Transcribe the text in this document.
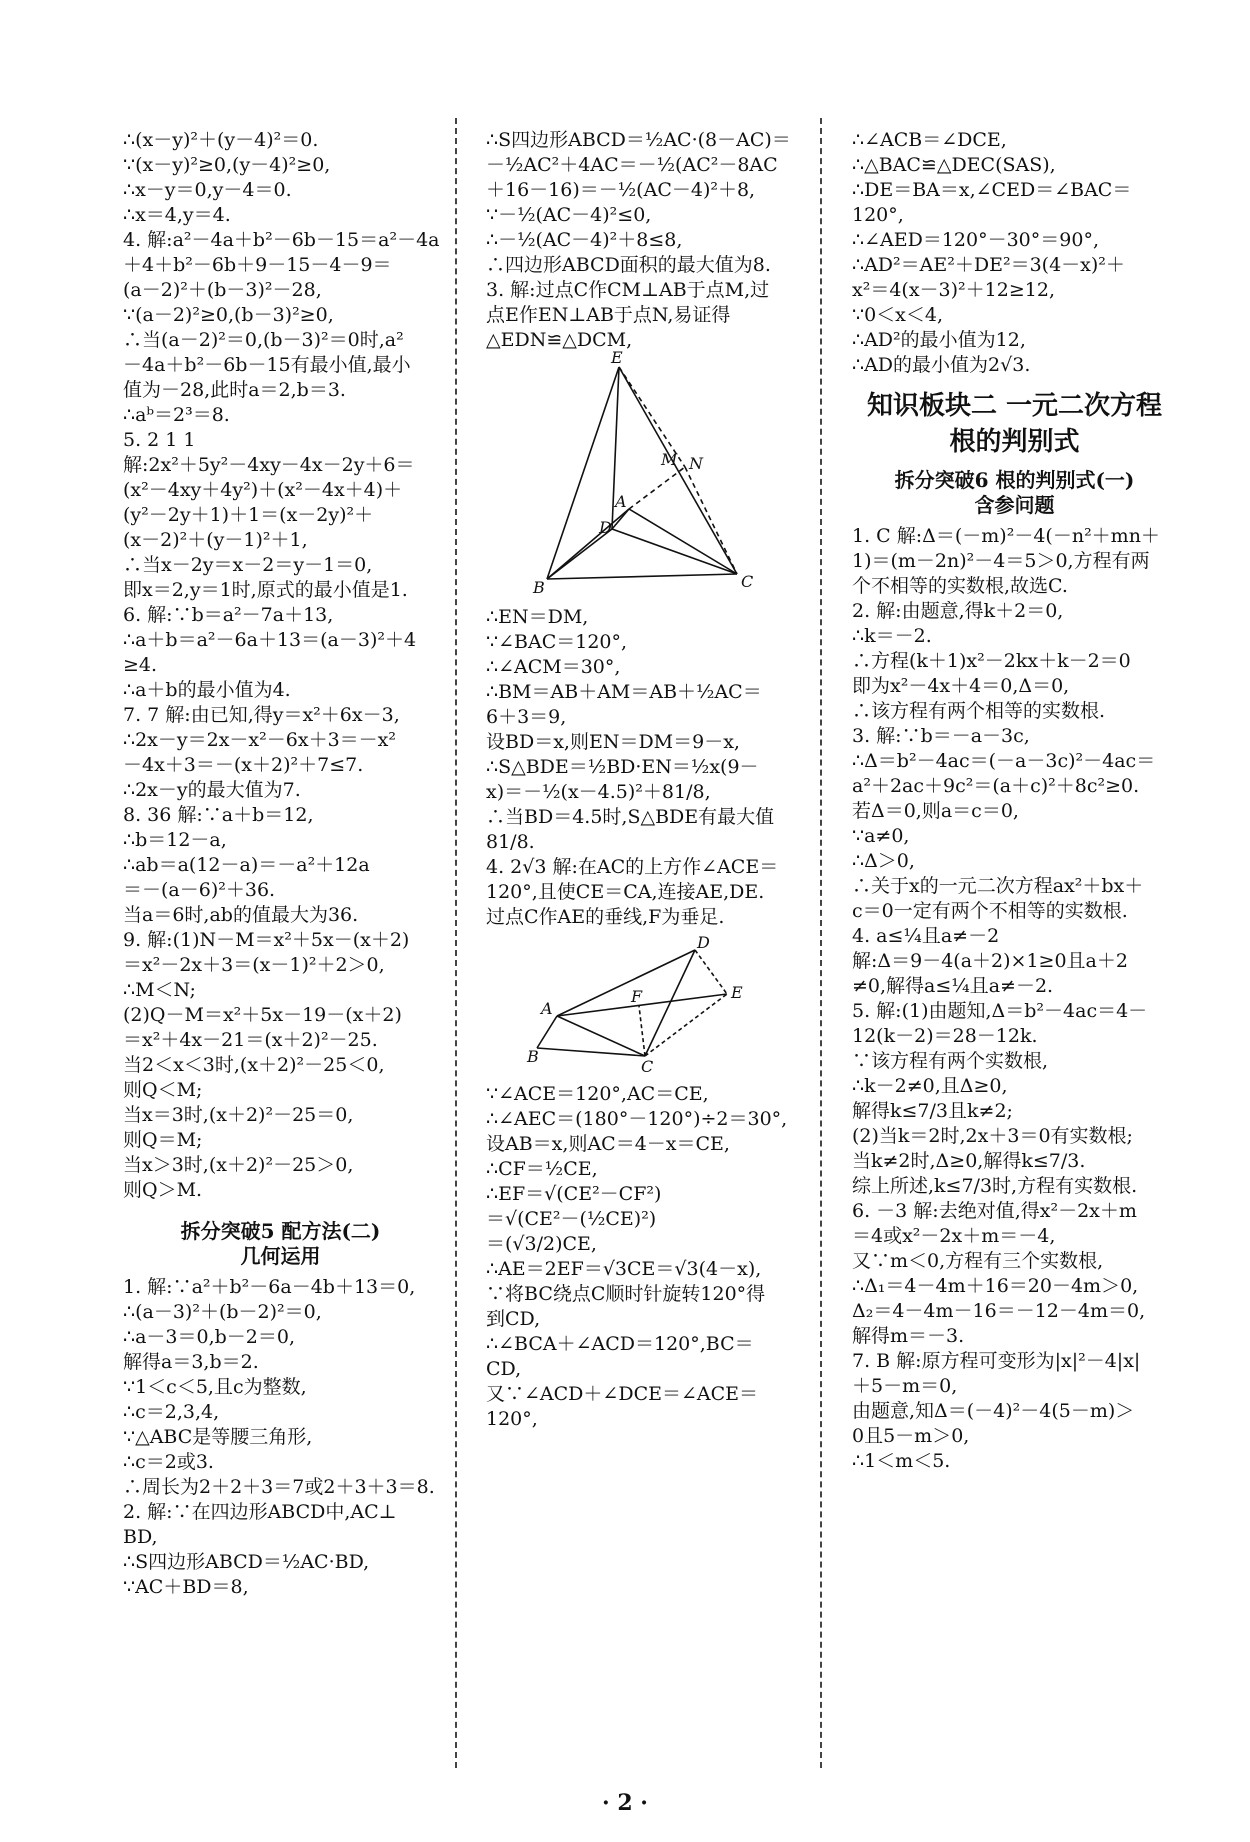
∴(x－y)²＋(y－4)²＝0.
∵(x－y)²≥0,(y－4)²≥0,
∴x－y＝0,y－4＝0.
∴x＝4,y＝4.
4. 解:a²－4a＋b²－6b－15＝a²－4a
＋4＋b²－6b＋9－15－4－9＝
(a－2)²＋(b－3)²－28,
∵(a－2)²≥0,(b－3)²≥0,
∴当(a－2)²＝0,(b－3)²＝0时,a²
－4a＋b²－6b－15有最小值,最小
值为－28,此时a＝2,b＝3.
∴aᵇ＝2³＝8.
5. 2 1 1
解:2x²＋5y²－4xy－4x－2y＋6＝
(x²－4xy＋4y²)＋(x²－4x＋4)＋
(y²－2y＋1)＋1＝(x－2y)²＋
(x－2)²＋(y－1)²＋1,
∴当x－2y＝x－2＝y－1＝0,
即x＝2,y＝1时,原式的最小值是1.
6. 解:∵b＝a²－7a＋13,
∴a＋b＝a²－6a＋13＝(a－3)²＋4
≥4.
∴a＋b的最小值为4.
7. 7 解:由已知,得y＝x²＋6x－3,
∴2x－y＝2x－x²－6x＋3＝－x²
－4x＋3＝－(x＋2)²＋7≤7.
∴2x－y的最大值为7.
8. 36 解:∵a＋b＝12,
∴b＝12－a,
∴ab＝a(12－a)＝－a²＋12a
＝－(a－6)²＋36.
当a＝6时,ab的值最大为36.
9. 解:(1)N－M＝x²＋5x－(x＋2)
＝x²－2x＋3＝(x－1)²＋2＞0,
∴M＜N;
(2)Q－M＝x²＋5x－19－(x＋2)
＝x²＋4x－21＝(x＋2)²－25.
当2＜x＜3时,(x＋2)²－25＜0,
则Q＜M;
当x＝3时,(x＋2)²－25＝0,
则Q＝M;
当x＞3时,(x＋2)²－25＞0,
则Q＞M.
拆分突破5 配方法(二)
几何运用
1. 解:∵a²＋b²－6a－4b＋13＝0,
∴(a－3)²＋(b－2)²＝0,
∴a－3＝0,b－2＝0,
解得a＝3,b＝2.
∵1＜c＜5,且c为整数,
∴c＝2,3,4,
∵△ABC是等腰三角形,
∴c＝2或3.
∴周长为2＋2＋3＝7或2＋3＋3＝8.
2. 解:∵在四边形ABCD中,AC⊥
BD,
∴S四边形ABCD＝½AC·BD,
∵AC＋BD＝8,
∴S四边形ABCD＝½AC·(8－AC)＝
－½AC²＋4AC＝－½(AC²－8AC
＋16－16)＝－½(AC－4)²＋8,
∵－½(AC－4)²≤0,
∴－½(AC－4)²＋8≤8,
∴四边形ABCD面积的最大值为8.
3. 解:过点C作CM⊥AB于点M,过
点E作EN⊥AB于点N,易证得
△EDN≌△DCM,
E
M N
A
D
B	C
∴EN＝DM,
∵∠BAC＝120°,
∴∠ACM＝30°,
∴BM＝AB＋AM＝AB＋½AC＝
6＋3＝9,
设BD＝x,则EN＝DM＝9－x,
∴S△BDE＝½BD·EN＝½x(9－
x)＝－½(x－4.5)²＋81/8,
∴当BD＝4.5时,S△BDE有最大值
81/8.
4. 2√3 解:在AC的上方作∠ACE＝
120°,且使CE＝CA,连接AE,DE.
过点C作AE的垂线,F为垂足.
D
A
F	E
B
C
∵∠ACE＝120°,AC＝CE,
∴∠AEC＝(180°－120°)÷2＝30°,
设AB＝x,则AC＝4－x＝CE,
∴CF＝½CE,
∴EF＝√(CE²－CF²)
＝√(CE²－(½CE)²)
＝(√3/2)CE,
∴AE＝2EF＝√3CE＝√3(4－x),
∵将BC绕点C顺时针旋转120°得
到CD,
∴∠BCA＋∠ACD＝120°,BC＝
CD,
又∵∠ACD＋∠DCE＝∠ACE＝
120°,
∴∠ACB＝∠DCE,
∴△BAC≌△DEC(SAS),
∴DE＝BA＝x,∠CED＝∠BAC＝
120°,
∴∠AED＝120°－30°＝90°,
∴AD²＝AE²＋DE²＝3(4－x)²＋
x²＝4(x－3)²＋12≥12,
∵0＜x＜4,
∴AD²的最小值为12,
∴AD的最小值为2√3.
知识板块二 一元二次方程
根的判别式
拆分突破6 根的判别式(一)
含参问题
1. C 解:Δ＝(－m)²－4(－n²＋mn＋
1)＝(m－2n)²－4＝5＞0,方程有两
个不相等的实数根,故选C.
2. 解:由题意,得k＋2＝0,
∴k＝－2.
∴方程(k＋1)x²－2kx＋k－2＝0
即为x²－4x＋4＝0,Δ＝0,
∴该方程有两个相等的实数根.
3. 解:∵b＝－a－3c,
∴Δ＝b²－4ac＝(－a－3c)²－4ac＝
a²＋2ac＋9c²＝(a＋c)²＋8c²≥0.
若Δ＝0,则a＝c＝0,
∵a≠0,
∴Δ＞0,
∴关于x的一元二次方程ax²＋bx＋
c＝0一定有两个不相等的实数根.
4. a≤¼且a≠－2
解:Δ＝9－4(a＋2)×1≥0且a＋2
≠0,解得a≤¼且a≠－2.
5. 解:(1)由题知,Δ＝b²－4ac＝4－
12(k－2)＝28－12k.
∵该方程有两个实数根,
∴k－2≠0,且Δ≥0,
解得k≤7/3且k≠2;
(2)当k＝2时,2x＋3＝0有实数根;
当k≠2时,Δ≥0,解得k≤7/3.
综上所述,k≤7/3时,方程有实数根.
6. －3 解:去绝对值,得x²－2x＋m
＝4或x²－2x＋m＝－4,
又∵m＜0,方程有三个实数根,
∴Δ₁＝4－4m＋16＝20－4m＞0,
Δ₂＝4－4m－16＝－12－4m＝0,
解得m＝－3.
7. B 解:原方程可变形为|x|²－4|x|
＋5－m＝0,
由题意,知Δ＝(－4)²－4(5－m)＞
0且5－m＞0,
∴1＜m＜5.
· 2 ·
